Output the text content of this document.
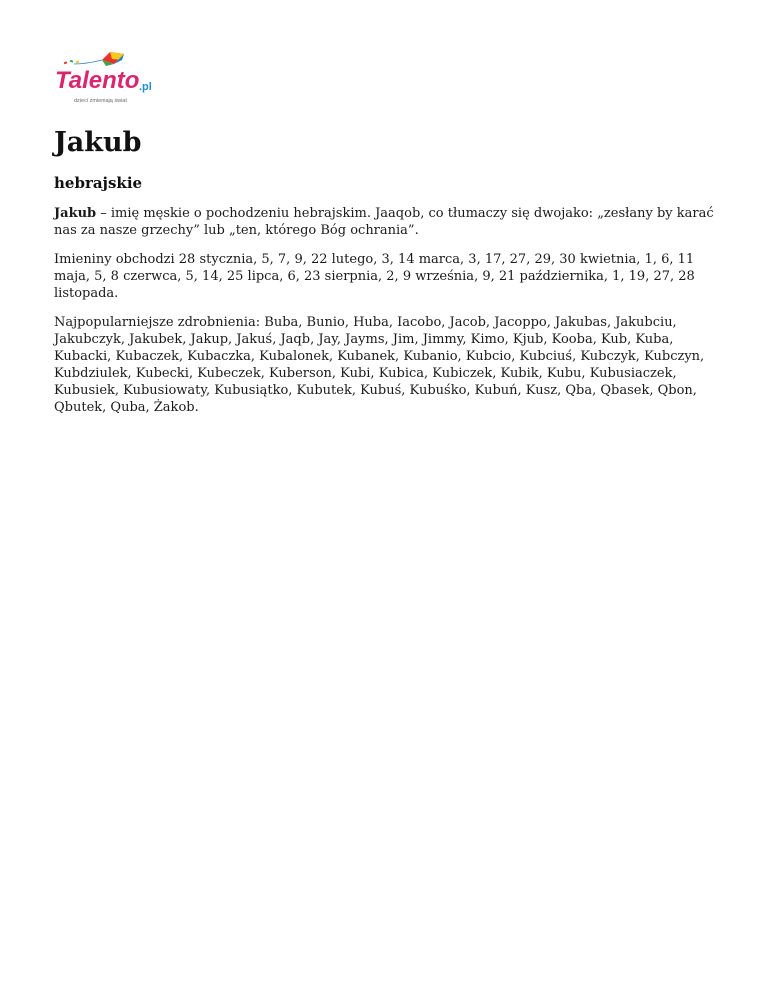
Talento .pl
dzieci zmieniają świat
Jakub
hebrajskie

Jakub – imię męskie o pochodzeniu hebrajskim. Jaaqob, co tłumaczy się dwojako: „zesłany by karać nas za nasze grzechy” lub „ten, którego Bóg ochrania”.

Imieniny obchodzi 28 stycznia, 5, 7, 9, 22 lutego, 3, 14 marca, 3, 17, 27, 29, 30 kwietnia, 1, 6, 11 maja, 5, 8 czerwca, 5, 14, 25 lipca, 6, 23 sierpnia, 2, 9 września, 9, 21 października, 1, 19, 27, 28 listopada.

Najpopularniejsze zdrobnienia: Buba, Bunio, Huba, Iacobo, Jacob, Jacoppo, Jakubas, Jakubciu, Jakubczyk, Jakubek, Jakup, Jakuś, Jaqb, Jay, Jayms, Jim, Jimmy, Kimo, Kjub, Kooba, Kub, Kuba, Kubacki, Kubaczek, Kubaczka, Kubalonek, Kubanek, Kubanio, Kubcio, Kubciuś, Kubczyk, Kubczyn, Kubdziulek, Kubecki, Kubeczek, Kuberson, Kubi, Kubica, Kubiczek, Kubik, Kubu, Kubusiaczek, Kubusiek, Kubusiowaty, Kubusiątko, Kubutek, Kubuś, Kubuśko, Kubuń, Kusz, Qba, Qbasek, Qbon, Qbutek, Quba, Żakob.
